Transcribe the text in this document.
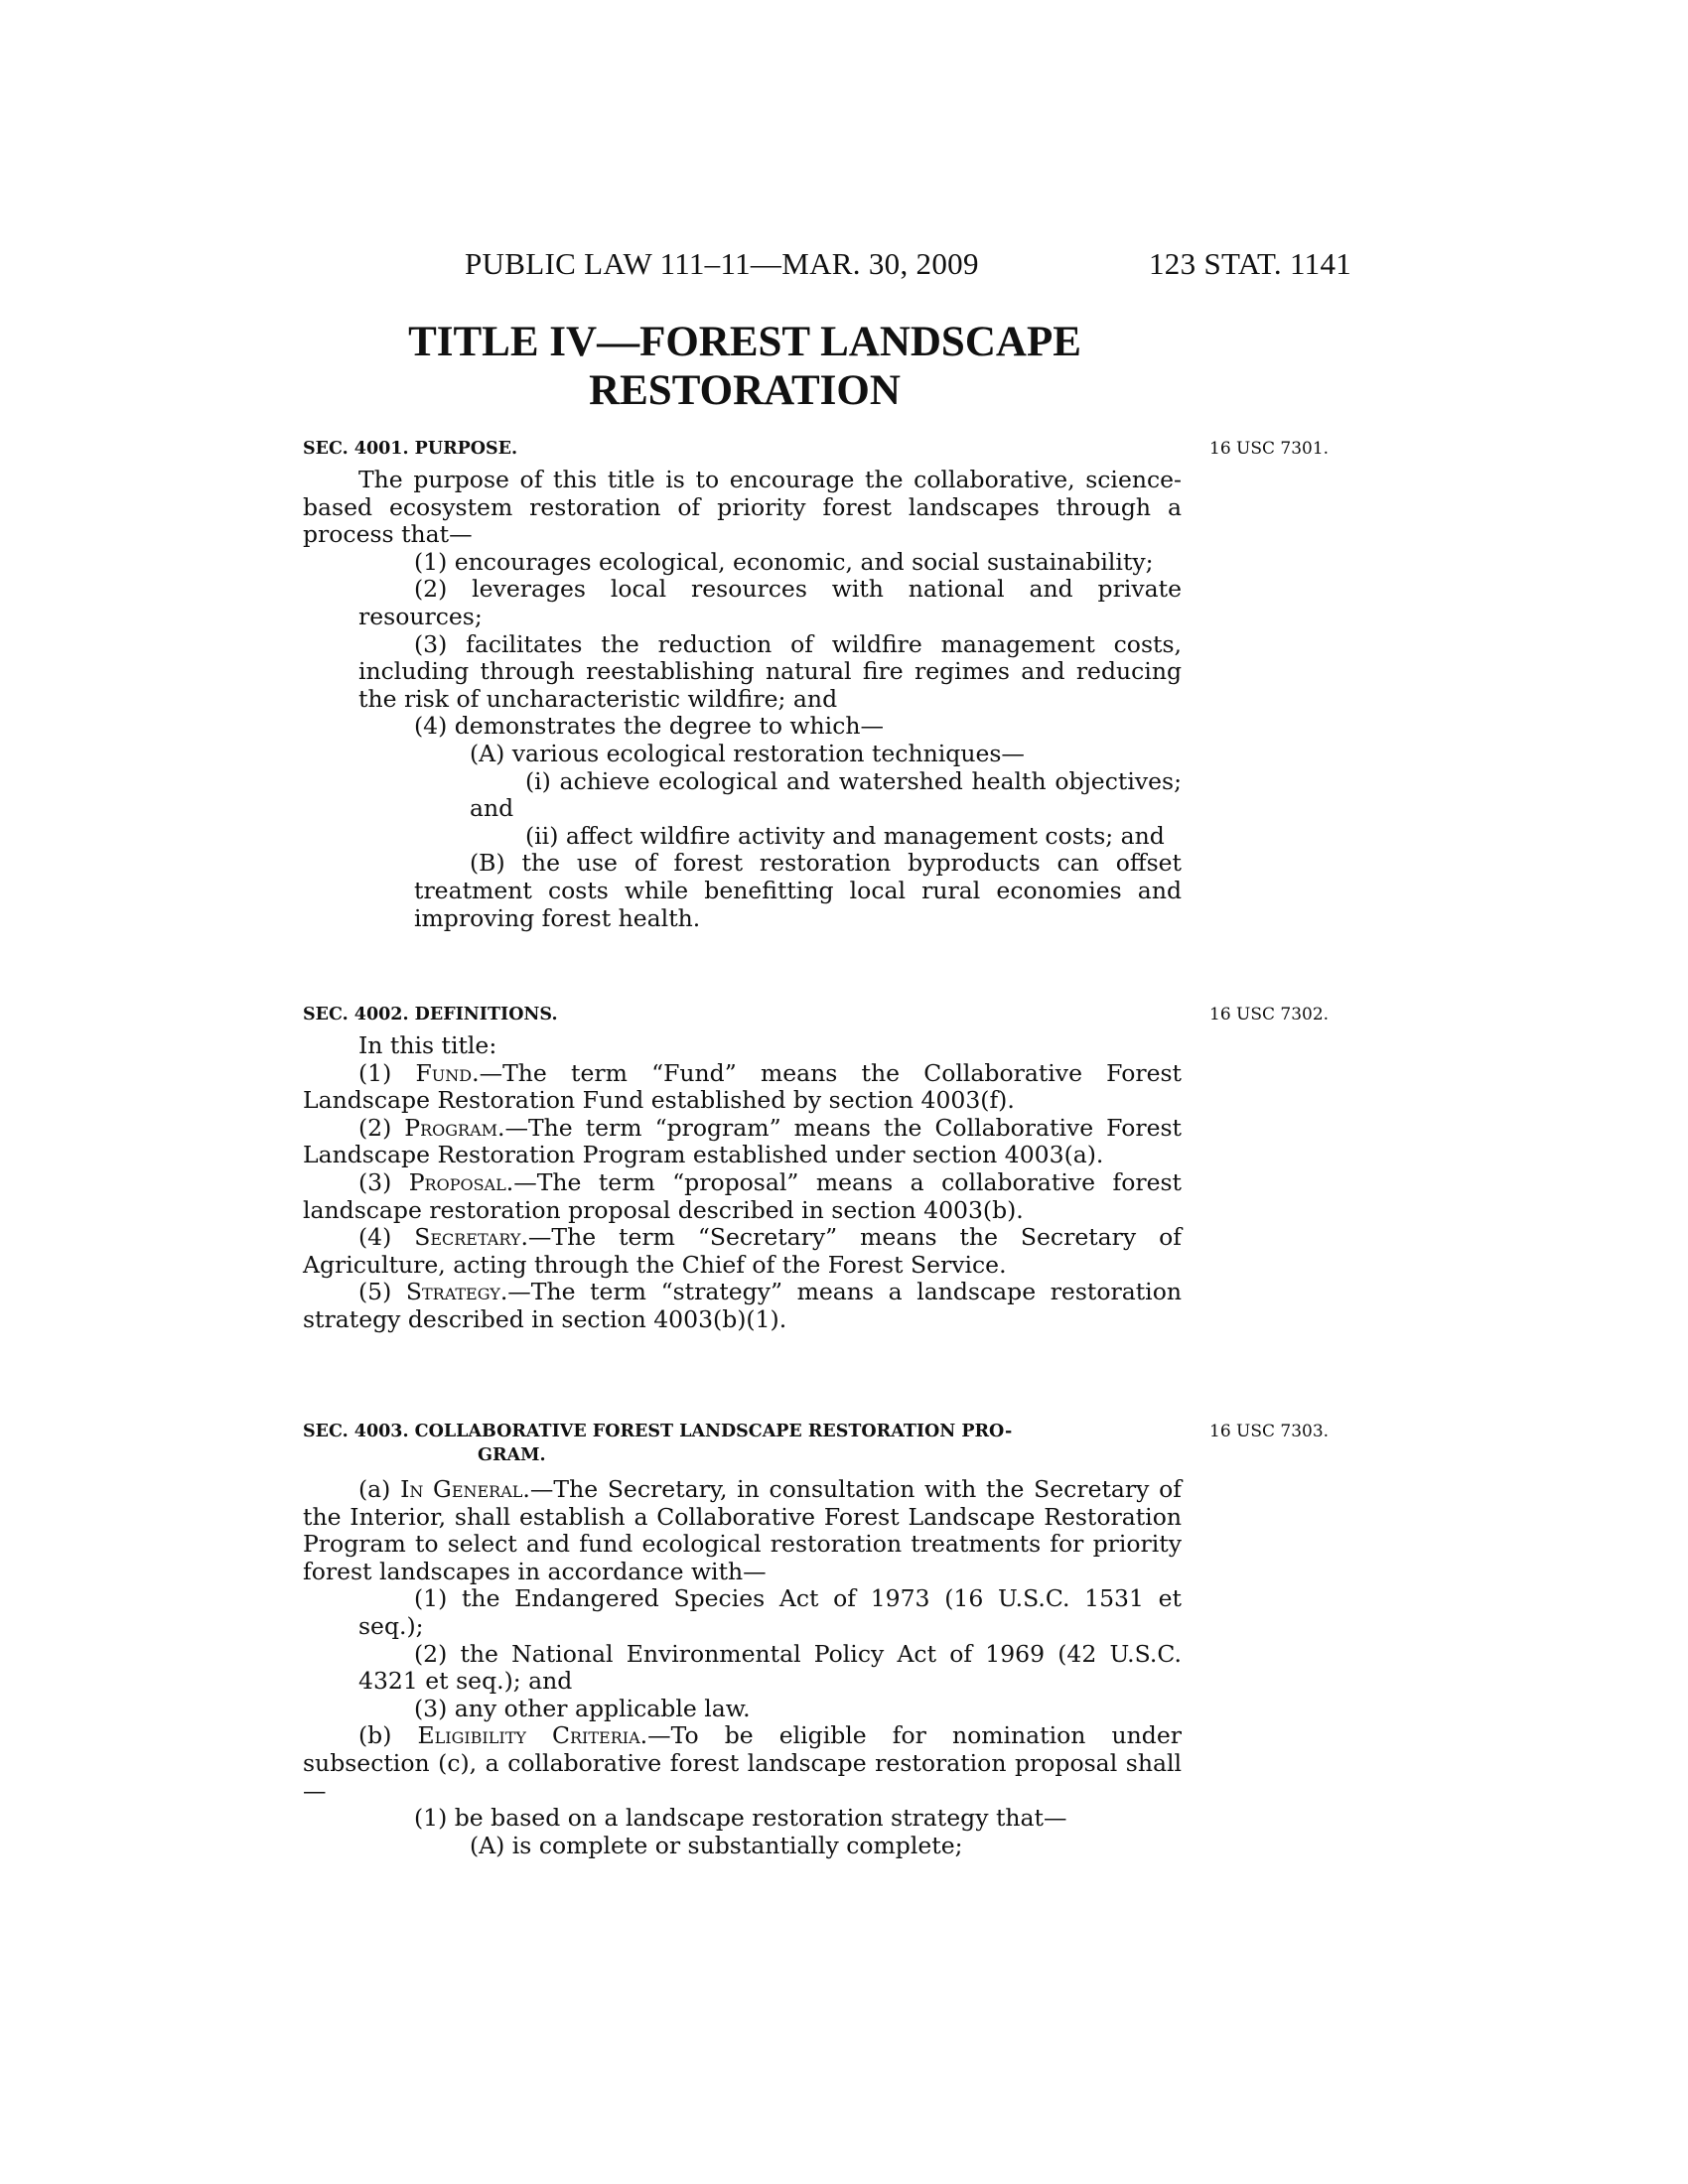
PUBLIC LAW 111–11—MAR. 30, 2009	123 STAT. 1141
TITLE IV—FOREST LANDSCAPE
RESTORATION
SEC. 4001. PURPOSE.	16 USC 7301.

The purpose of this title is to encourage the collaborative, science-based ecosystem restoration of priority forest landscapes through a process that—

(1) encourages ecological, economic, and social sustainability;

(2) leverages local resources with national and private resources;

(3) facilitates the reduction of wildfire management costs, including through reestablishing natural fire regimes and reducing the risk of uncharacteristic wildfire; and

(4) demonstrates the degree to which—

(A) various ecological restoration techniques—

(i) achieve ecological and watershed health objectives; and

(ii) affect wildfire activity and management costs; and

(B) the use of forest restoration byproducts can offset treatment costs while benefitting local rural economies and improving forest health.

SEC. 4002. DEFINITIONS.	16 USC 7302.

In this title:

(1) Fund.—The term “Fund” means the Collaborative Forest Landscape Restoration Fund established by section 4003(f).

(2) Program.—The term “program” means the Collaborative Forest Landscape Restoration Program established under section 4003(a).

(3) Proposal.—The term “proposal” means a collaborative forest landscape restoration proposal described in section 4003(b).

(4) Secretary.—The term “Secretary” means the Secretary of Agriculture, acting through the Chief of the Forest Service.

(5) Strategy.—The term “strategy” means a landscape restoration strategy described in section 4003(b)(1).

SEC. 4003. COLLABORATIVE FOREST LANDSCAPE RESTORATION PRO-
GRAM.
16 USC 7303.

(a) In General.—The Secretary, in consultation with the Secretary of the Interior, shall establish a Collaborative Forest Landscape Restoration Program to select and fund ecological restoration treatments for priority forest landscapes in accordance with—

(1) the Endangered Species Act of 1973 (16 U.S.C. 1531 et seq.);

(2) the National Environmental Policy Act of 1969 (42 U.S.C. 4321 et seq.); and

(3) any other applicable law.

(b) Eligibility Criteria.—To be eligible for nomination under subsection (c), a collaborative forest landscape restoration proposal shall—

(1) be based on a landscape restoration strategy that—

(A) is complete or substantially complete;
